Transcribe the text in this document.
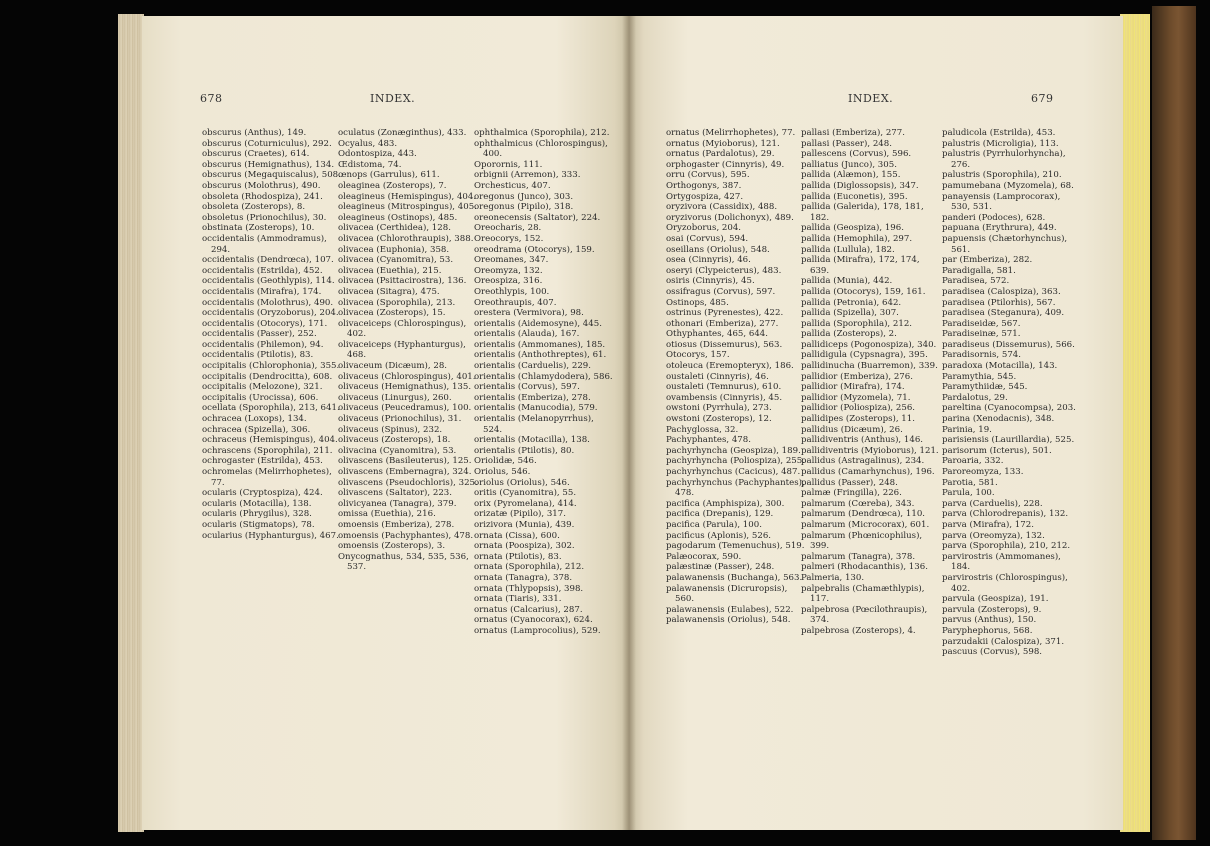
678	INDEX.

obscurus (Anthus), 149.

obscurus (Coturniculus), 292.

obscurus (Craetes), 614.

obscurus (Hemignathus), 134.

obscurus (Megaquiscalus), 508.

obscurus (Molothrus), 490.

obsoleta (Rhodospiza), 241.

obsoleta (Zosterops), 8.

obsoletus (Prionochilus), 30.

obstinata (Zosterops), 10.

occidentalis (Ammodramus), 294.

occidentalis (Dendrœca), 107.

occidentalis (Estrilda), 452.

occidentalis (Geothlypis), 114.

occidentalis (Mirafra), 174.

occidentalis (Molothrus), 490.

occidentalis (Oryzoborus), 204.

occidentalis (Otocorys), 171.

occidentalis (Passer), 252.

occidentalis (Philemon), 94.

occidentalis (Ptilotis), 83.

occipitalis (Chlorophonia), 355.

occipitalis (Dendrocitta), 608.

occipitalis (Melozone), 321.

occipitalis (Urocissa), 606.

ocellata (Sporophila), 213, 641.

ochracea (Loxops), 134.

ochracea (Spizella), 306.

ochraceus (Hemispingus), 404.

ochrascens (Sporophila), 211.

ochrogaster (Estrilda), 453.

ochromelas (Melirrhophetes), 77.

ocularis (Cryptospiza), 424.

ocularis (Motacilla), 138.

ocularis (Phrygilus), 328.

ocularis (Stigmatops), 78.

ocularius (Hyphanturgus), 467.

oculatus (Zonæginthus), 433.

Ocyalus, 483.

Odontospiza, 443.

Œdistoma, 74.

œnops (Garrulus), 611.

oleaginea (Zosterops), 7.

oleagineus (Hemispingus), 404.

oleagineus (Mitrospingus), 405.

oleagineus (Ostinops), 485.

olivacea (Certhidea), 128.

olivacea (Chlorothraupis), 388.

olivacea (Euphonia), 358.

olivacea (Cyanomitra), 53.

olivacea (Euethia), 215.

olivacea (Psittacirostra), 136.

olivacea (Sitagra), 475.

olivacea (Sporophila), 213.

olivacea (Zosterops), 15.

olivaceiceps (Chlorospingus), 402.

olivaceiceps (Hyphanturgus), 468.

olivaceum (Dicæum), 28.

olivaceus (Chlorospingus), 401.

olivaceus (Hemignathus), 135.

olivaceus (Linurgus), 260.

olivaceus (Peucedramus), 100.

olivaceus (Prionochilus), 31.

olivaceus (Spinus), 232.

olivaceus (Zosterops), 18.

olivacina (Cyanomitra), 53.

olivascens (Basileuterus), 125.

olivascens (Embernagra), 324.

olivascens (Pseudochloris), 325.

olivascens (Saltator), 223.

olivicyanea (Tanagra), 379.

omissa (Euethia), 216.

omoensis (Emberiza), 278.

omoensis (Pachyphantes), 478.

omoensis (Zosterops), 3.

Onycognathus, 534, 535, 536, 537.

ophthalmica (Sporophila), 212.

ophthalmicus (Chlorospingus), 400.

Oporornis, 111.

orbignii (Arremon), 333.

Orchesticus, 407.

oregonus (Junco), 303.

oregonus (Pipilo), 318.

oreonecensis (Saltator), 224.

Oreocharis, 28.

Oreocorys, 152.

oreodrama (Otocorys), 159.

Oreomanes, 347.

Oreomyza, 132.

Oreospiza, 316.

Oreothlypis, 100.

Oreothraupis, 407.

orestera (Vermivora), 98.

orientalis (Aidemosyne), 445.

orientalis (Alauda), 167.

orientalis (Ammomanes), 185.

orientalis (Anthothreptes), 61.

orientalis (Carduelis), 229.

orientalis (Chlamydodera), 586.

orientalis (Corvus), 597.

orientalis (Emberiza), 278.

orientalis (Manucodia), 579.

orientalis (Melanopyrrhus), 524.

orientalis (Motacilla), 138.

orientalis (Ptilotis), 80.

Oriolidæ, 546.

Oriolus, 546.

oriolus (Oriolus), 546.

oritis (Cyanomitra), 55.

orix (Pyromelana), 414.

orizatæ (Pipilo), 317.

orizivora (Munia), 439.

ornata (Cissa), 600.

ornata (Poospiza), 302.

ornata (Ptilotis), 83.

ornata (Sporophila), 212.

ornata (Tanagra), 378.

ornata (Thlypopsis), 398.

ornata (Tiaris), 331.

ornatus (Calcarius), 287.

ornatus (Cyanocorax), 624.

ornatus (Lamprocolius), 529.

INDEX.	679

ornatus (Melirrhophetes), 77.

ornatus (Myioborus), 121.

ornatus (Pardalotus), 29.

orphogaster (Cinnyris), 49.

orru (Corvus), 595.

Orthogonys, 387.

Ortygospiza, 427.

oryzivora (Cassidix), 488.

oryzivorus (Dolichonyx), 489.

Oryzoborus, 204.

osai (Corvus), 594.

oseillans (Oriolus), 548.

osea (Cinnyris), 46.

oseryi (Clypeicterus), 483.

osiris (Cinnyris), 45.

ossifragus (Corvus), 597.

Ostinops, 485.

ostrinus (Pyrenestes), 422.

othonari (Emberiza), 277.

Othyphantes, 465, 644.

otiosus (Dissemurus), 563.

Otocorys, 157.

otoleuca (Eremopteryx), 186.

oustaleti (Cinnyris), 46.

oustaleti (Temnurus), 610.

ovambensis (Cinnyris), 45.

owstoni (Pyrrhula), 273.

owstoni (Zosterops), 12.

Pachyglossa, 32.

Pachyphantes, 478.

pachyrhyncha (Geospiza), 189.

pachyrhyncha (Poliospiza), 255.

pachyrhynchus (Cacicus), 487.

pachyrhynchus (Pachyphantes), 478.

pacifica (Amphispiza), 300.

pacifica (Drepanis), 129.

pacifica (Parula), 100.

pacificus (Aplonis), 526.

pagodarum (Temenuchus), 519.

Palæocorax, 590.

palæstinæ (Passer), 248.

palawanensis (Buchanga), 563.

palawanensis (Dicruropsis), 560.

palawanensis (Eulabes), 522.

palawanensis (Oriolus), 548.

pallasi (Emberiza), 277.

pallasi (Passer), 248.

pallescens (Corvus), 596.

palliatus (Junco), 305.

pallida (Alæmon), 155.

pallida (Diglossopsis), 347.

pallida (Euconetis), 395.

pallida (Galerida), 178, 181, 182.

pallida (Geospiza), 196.

pallida (Hemophila), 297.

pallida (Lullula), 182.

pallida (Mirafra), 172, 174, 639.

pallida (Munia), 442.

pallida (Otocorys), 159, 161.

pallida (Petronia), 642.

pallida (Spizella), 307.

pallida (Sporophila), 212.

pallida (Zosterops), 2.

pallidiceps (Pogonospiza), 340.

pallidigula (Cypsnagra), 395.

pallidinucha (Buarremon), 339.

pallidior (Emberiza), 276.

pallidior (Mirafra), 174.

pallidior (Myzomela), 71.

pallidior (Poliospiza), 256.

pallidipes (Zosterops), 11.

pallidius (Dicæum), 26.

pallidiventris (Anthus), 146.

pallidiventris (Myioborus), 121.

pallidus (Astragalinus), 234.

pallidus (Camarhynchus), 196.

pallidus (Passer), 248.

palmæ (Fringilla), 226.

palmarum (Cœreba), 343.

palmarum (Dendrœca), 110.

palmarum (Microcorax), 601.

palmarum (Phœnicophilus), 399.

palmarum (Tanagra), 378.

palmeri (Rhodacanthis), 136.

Palmeria, 130.

palpebralis (Chamæthlypis), 117.

palpebrosa (Pœcilothraupis), 374.

palpebrosa (Zosterops), 4.

paludicola (Estrilda), 453.

palustris (Microligia), 113.

palustris (Pyrrhulorhyncha), 276.

palustris (Sporophila), 210.

pamumebana (Myzomela), 68.

panayensis (Lamprocorax), 530, 531.

panderi (Podoces), 628.

papuana (Erythrura), 449.

papuensis (Chætorhynchus), 561.

par (Emberiza), 282.

Paradigalla, 581.

Paradisea, 572.

paradisea (Calospiza), 363.

paradisea (Ptilorhis), 567.

paradisea (Steganura), 409.

Paradiseidæ, 567.

Paradiseinæ, 571.

paradiseus (Dissemurus), 566.

Paradisornis, 574.

paradoxa (Motacilla), 143.

Paramythia, 545.

Paramythiidæ, 545.

Pardalotus, 29.

pareltina (Cyanocompsa), 203.

parina (Xenodacnis), 348.

Parinia, 19.

parisiensis (Laurillardia), 525.

parisorum (Icterus), 501.

Paroaria, 332.

Paroreomyza, 133.

Parotia, 581.

Parula, 100.

parva (Carduelis), 228.

parva (Chlorodrepanis), 132.

parva (Mirafra), 172.

parva (Oreomyza), 132.

parva (Sporophila), 210, 212.

parvirostris (Ammomanes), 184.

parvirostris (Chlorospingus), 402.

parvula (Geospiza), 191.

parvula (Zosterops), 9.

parvus (Anthus), 150.

Paryphephorus, 568.

parzudakii (Calospiza), 371.

pascuus (Corvus), 598.
